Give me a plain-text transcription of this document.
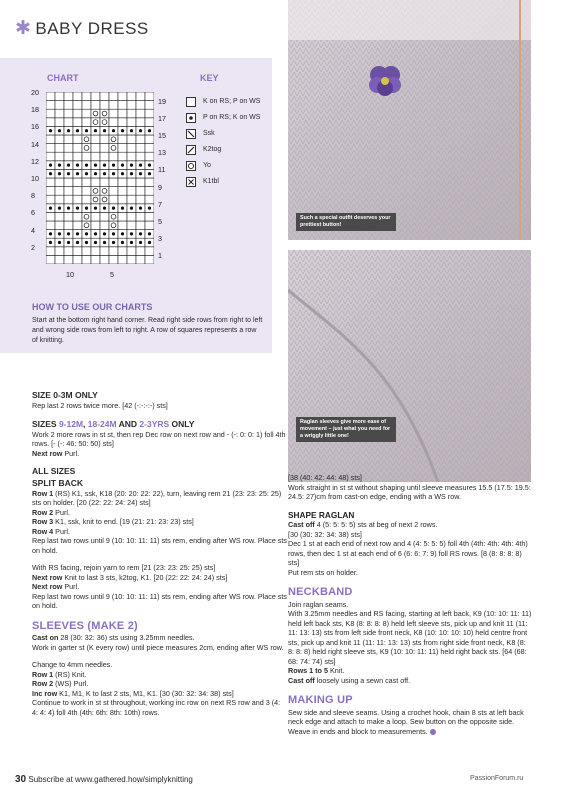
✱ BABY DRESS
CHART	KEY
10	5
K on RS; P on WS
P on RS; K on WS
Ssk
K2tog
Yo
K1tbl
HOW TO USE OUR CHARTS
Start at the bottom right hand corner. Read right side rows from right to left and wrong side rows from left to right. A row of squares represents a row of knitting.
Such a special outfit deserves your prettiest button!
Raglan sleeves give more ease of movement – just what you need for a wriggly little one!
SIZE 0-3M ONLY
Rep last 2 rows twice more. [42 (-:-:-:-) sts]
SIZES 9-12M, 18-24M AND 2-3YRS ONLY
Work 2 more rows in st st, then rep Dec row on next row and - (-: 0: 0: 1) foll 4th rows. [- (-: 46: 50: 50) sts]
Next row Purl.
ALL SIZES
SPLIT BACK
Row 1 (RS) K1, ssk, K18 (20: 20: 22: 22), turn, leaving rem 21 (23: 23: 25: 25) sts on holder. [20 (22: 22: 24: 24) sts]
Row 2 Purl.
Row 3 K1, ssk, knit to end. [19 (21: 21: 23: 23) sts]
Row 4 Purl.
Rep last two rows until 9 (10: 10: 11: 11) sts rem, ending after WS row. Place sts on hold.
With RS facing, rejoin yarn to rem [21 (23: 23: 25: 25) sts]
Next row Knit to last 3 sts, k2tog, K1. [20 (22: 22: 24: 24) sts]
Next row Purl.
Rep last two rows until 9 (10: 10: 11: 11) sts rem, ending after WS row. Place sts on hold.
SLEEVES (MAKE 2)
Cast on 28 (30: 32: 36) sts using 3.25mm needles.
Work in garter st (K every row) until piece measures 2cm, ending after WS row.
Change to 4mm needles.
Row 1 (RS) Knit.
Row 2 (WS) Purl.
Inc row K1, M1, K to last 2 sts, M1, K1. [30 (30: 32: 34: 38) sts]
Continue to work in st st throughout, working inc row on next RS row and 3 (4: 4: 4: 4) foll 4th (4th: 6th: 8th: 10th) rows.
[38 (40: 42: 44: 48) sts]
Work straight in st st without shaping until sleeve measures 15.5 (17.5: 19.5: 24.5: 27)cm from cast-on edge, ending with a WS row.
SHAPE RAGLAN
Cast off 4 (5: 5: 5: 5) sts at beg of next 2 rows.
[30 (30: 32: 34: 38) sts]
Dec 1 st at each end of next row and 4 (4: 5: 5: 5) foll 4th (4th: 4th: 4th: 4th) rows, then dec 1 st at each end of 6 (6: 6: 7: 9) foll RS rows. [8 (8: 8: 8: 8) sts]
Put rem sts on holder.
NECKBAND
Join raglan seams.
With 3.25mm needles and RS facing, starting at left back, K9 (10: 10: 11: 11) held left back sts, K8 (8: 8: 8: 8) held left sleeve sts, pick up and knit 11 (11: 11: 13: 13) sts from left side front neck, K8 (10: 10: 10: 10) held centre front sts, pick up and knit 11 (11: 11: 13: 13) sts from right side front neck, K8 (8: 8: 8: 8) held right sleeve sts, K9 (10: 10: 11: 11) held right back sts. [64 (68: 68: 74: 74) sts]
Rows 1 to 5 Knit.
Cast off loosely using a sewn cast off.
MAKING UP
Sew side and sleeve seams. Using a crochet hook, chain 8 sts at left back neck edge and attach to make a loop. Sew button on the opposite side. Weave in ends and block to measurements.
30 Subscribe at www.gathered.how/simplyknitting	PassionForum.ru
20
18
16
14
12
10
8
6
4
2
19
17
15
13
11
9
7
5
3
1
